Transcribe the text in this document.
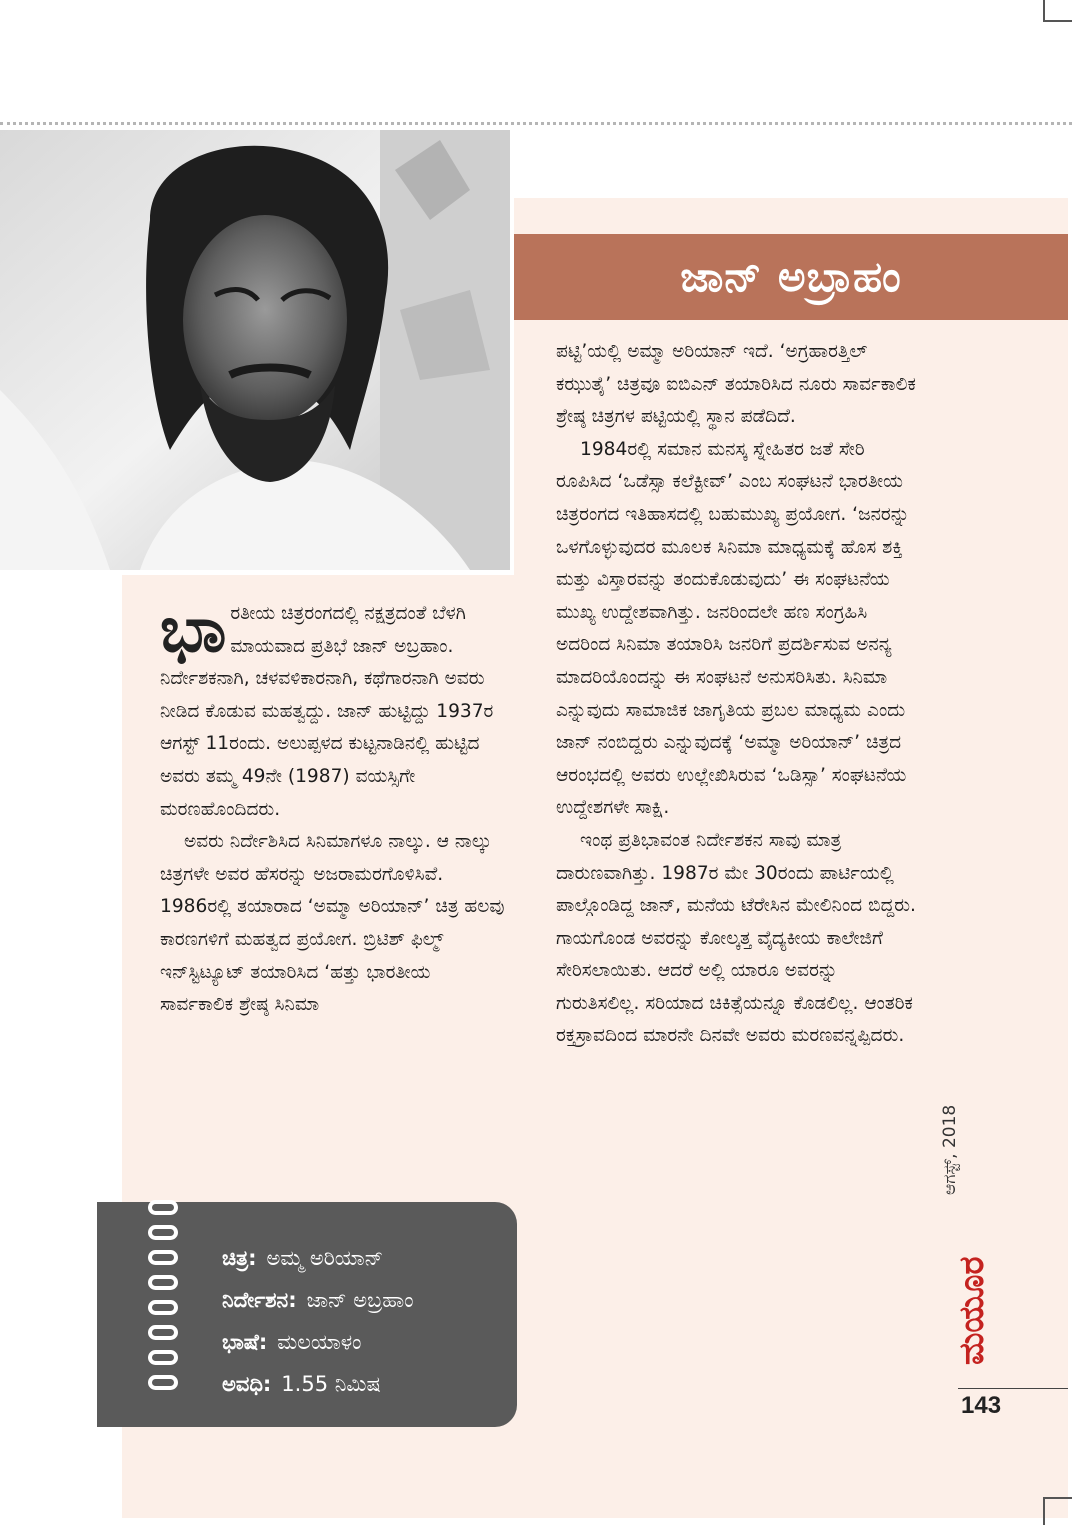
ಜಾನ್ ಅಬ್ರಾಹಂ

ಭಾ ರತೀಯ ಚಿತ್ರರಂಗದಲ್ಲಿ ನಕ್ಷತ್ರದಂತೆ ಬೆಳಗಿ ಮಾಯವಾದ ಪ್ರತಿಭೆ ಜಾನ್ ಅಬ್ರಹಾಂ. ನಿರ್ದೇಶಕನಾಗಿ, ಚಳವಳಿಕಾರನಾಗಿ, ಕಥೆಗಾರನಾಗಿ ಅವರು ನೀಡಿದ ಕೊಡುವ ಮಹತ್ವದ್ದು. ಜಾನ್ ಹುಟ್ಟಿದ್ದು 1937ರ ಆಗಸ್ಟ್ 11ರಂದು. ಅಲುಪ್ಪಳದ ಕುಟ್ಟನಾಡಿನಲ್ಲಿ ಹುಟ್ಟಿದ ಅವರು ತಮ್ಮ 49ನೇ (1987) ವಯಸ್ಸಿಗೇ ಮರಣಹೊಂದಿದರು.

ಅವರು ನಿರ್ದೇಶಿಸಿದ ಸಿನಿಮಾಗಳೂ ನಾಲ್ಕು. ಆ ನಾಲ್ಕು ಚಿತ್ರಗಳೇ ಅವರ ಹೆಸರನ್ನು ಅಜರಾಮರಗೊಳಿಸಿವೆ. 1986ರಲ್ಲಿ ತಯಾರಾದ ‘ಅಮ್ಮಾ ಅರಿಯಾನ್’ ಚಿತ್ರ ಹಲವು ಕಾರಣಗಳಿಗೆ ಮಹತ್ವದ ಪ್ರಯೋಗ. ಬ್ರಿಟಿಶ್ ಫಿಲ್ಮ್ ಇನ್‌ಸ್ಟಿಟ್ಯೂಟ್ ತಯಾರಿಸಿದ ‘ಹತ್ತು ಭಾರತೀಯ ಸಾರ್ವಕಾಲಿಕ ಶ್ರೇಷ್ಠ ಸಿನಿಮಾ

ಪಟ್ಟಿ’ಯಲ್ಲಿ ಅಮ್ಮಾ ಅರಿಯಾನ್ ಇದೆ. ‘ಅಗ್ರಹಾರತ್ತಿಲ್ ಕಝುತೈ’ ಚಿತ್ರವೂ ಐಬಿಎನ್ ತಯಾರಿಸಿದ ನೂರು ಸಾರ್ವಕಾಲಿಕ ಶ್ರೇಷ್ಠ ಚಿತ್ರಗಳ ಪಟ್ಟಿಯಲ್ಲಿ ಸ್ಥಾನ ಪಡೆದಿದೆ.

1984ರಲ್ಲಿ ಸಮಾನ ಮನಸ್ಕ ಸ್ನೇಹಿತರ ಜತೆ ಸೇರಿ ರೂಪಿಸಿದ ‘ಒಡೆಸ್ಸಾ ಕಲೆಕ್ಟೀವ್’ ಎಂಬ ಸಂಘಟನೆ ಭಾರತೀಯ ಚಿತ್ರರಂಗದ ಇತಿಹಾಸದಲ್ಲಿ ಬಹುಮುಖ್ಯ ಪ್ರಯೋಗ. ‘ಜನರನ್ನು ಒಳಗೊಳ್ಳುವುದರ ಮೂಲಕ ಸಿನಿಮಾ ಮಾಧ್ಯಮಕ್ಕೆ ಹೊಸ ಶಕ್ತಿ ಮತ್ತು ವಿಸ್ತಾರವನ್ನು ತಂದುಕೊಡುವುದು’ ಈ ಸಂಘಟನೆಯ ಮುಖ್ಯ ಉದ್ದೇಶವಾಗಿತ್ತು. ಜನರಿಂದಲೇ ಹಣ ಸಂಗ್ರಹಿಸಿ ಅದರಿಂದ ಸಿನಿಮಾ ತಯಾರಿಸಿ ಜನರಿಗೆ ಪ್ರದರ್ಶಿಸುವ ಅನನ್ಯ ಮಾದರಿಯೊಂದನ್ನು ಈ ಸಂಘಟನೆ ಅನುಸರಿಸಿತು. ಸಿನಿಮಾ ಎನ್ನುವುದು ಸಾಮಾಜಿಕ ಜಾಗೃತಿಯ ಪ್ರಬಲ ಮಾಧ್ಯಮ ಎಂದು ಜಾನ್ ನಂಬಿದ್ದರು ಎನ್ನುವುದಕ್ಕೆ ‘ಅಮ್ಮಾ ಅರಿಯಾನ್’ ಚಿತ್ರದ ಆರಂಭದಲ್ಲಿ ಅವರು ಉಲ್ಲೇಖಿಸಿರುವ ‘ಒಡಿಸ್ಸಾ’ ಸಂಘಟನೆಯ ಉದ್ದೇಶಗಳೇ ಸಾಕ್ಷಿ.

ಇಂಥ ಪ್ರತಿಭಾವಂತ ನಿರ್ದೇಶಕನ ಸಾವು ಮಾತ್ರ ದಾರುಣವಾಗಿತ್ತು. 1987ರ ಮೇ 30ರಂದು ಪಾರ್ಟಿಯಲ್ಲಿ ಪಾಲ್ಗೊಂಡಿದ್ದ ಜಾನ್, ಮನೆಯ ಟೆರೇಸಿನ ಮೇಲಿನಿಂದ ಬಿದ್ದರು. ಗಾಯಗೊಂಡ ಅವರನ್ನು ಕೋಲ್ಕತ್ತ ವೈದ್ಯಕೀಯ ಕಾಲೇಜಿಗೆ ಸೇರಿಸಲಾಯಿತು. ಆದರೆ ಅಲ್ಲಿ ಯಾರೂ ಅವರನ್ನು ಗುರುತಿಸಲಿಲ್ಲ. ಸರಿಯಾದ ಚಿಕಿತ್ಸೆಯನ್ನೂ ಕೊಡಲಿಲ್ಲ. ಆಂತರಿಕ ರಕ್ತಸ್ರಾವದಿಂದ ಮಾರನೇ ದಿನವೇ ಅವರು ಮರಣವನ್ನಪ್ಪಿದರು.

ಚಿತ್ರ: ಅಮ್ಮ ಅರಿಯಾನ್
ನಿರ್ದೇಶನ: ಜಾನ್ ಅಬ್ರಹಾಂ
ಭಾಷೆ: ಮಲಯಾಳಂ
ಅವಧಿ: 1.55 ನಿಮಿಷ
ಆಗಸ್ಟ್, 2018
ಮಯೂರ
143
